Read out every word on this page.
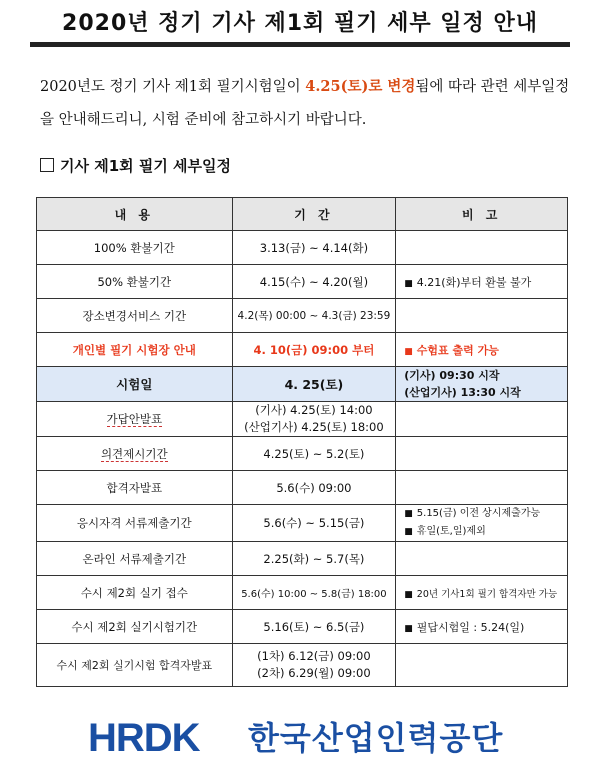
2020년 정기 기사 제1회 필기 세부 일정 안내
2020년도 정기 기사 제1회 필기시험일이 4.25(토)로 변경됨에 따라 관련 세부일정을 안내해드리니, 시험 준비에 참고하시기 바랍니다.
기사 제1회 필기 세부일정
내 용	기 간	비 고
100% 환불기간	3.13(금) ~ 4.14(화)	
50% 환불기간	4.15(수) ~ 4.20(월)	■ 4.21(화)부터 환불 불가
장소변경서비스 기간	4.2(목) 00:00 ~ 4.3(금) 23:59	
개인별 필기 시험장 안내	4. 10(금) 09:00 부터	■ 수험표 출력 가능
시험일	4. 25(토)	(기사) 09:30 시작
(산업기사) 13:30 시작

가답안발표	(기사) 4.25(토) 14:00
(산업기사) 4.25(토) 18:00	

의견제시기간	4.25(토) ~ 5.2(토)	
합격자발표	5.6(수) 09:00	
응시자격 서류제출기간	5.6(수) ~ 5.15(금)	■ 5.15(금) 이전 상시제출가능
■ 휴일(토,일)제외

온라인 서류제출기간	2.25(화) ~ 5.7(목)	
수시 제2회 실기 접수	5.6(수) 10:00 ~ 5.8(금) 18:00	■ 20년 기사1회 필기 합격자만 가능
수시 제2회 실기시험기간	5.16(토) ~ 6.5(금)	■ 필답시험일 : 5.24(일)
수시 제2회 실기시험 합격자발표	(1차) 6.12(금) 09:00
(2차) 6.29(월) 09:00	

HRDK 한국산업인력공단
